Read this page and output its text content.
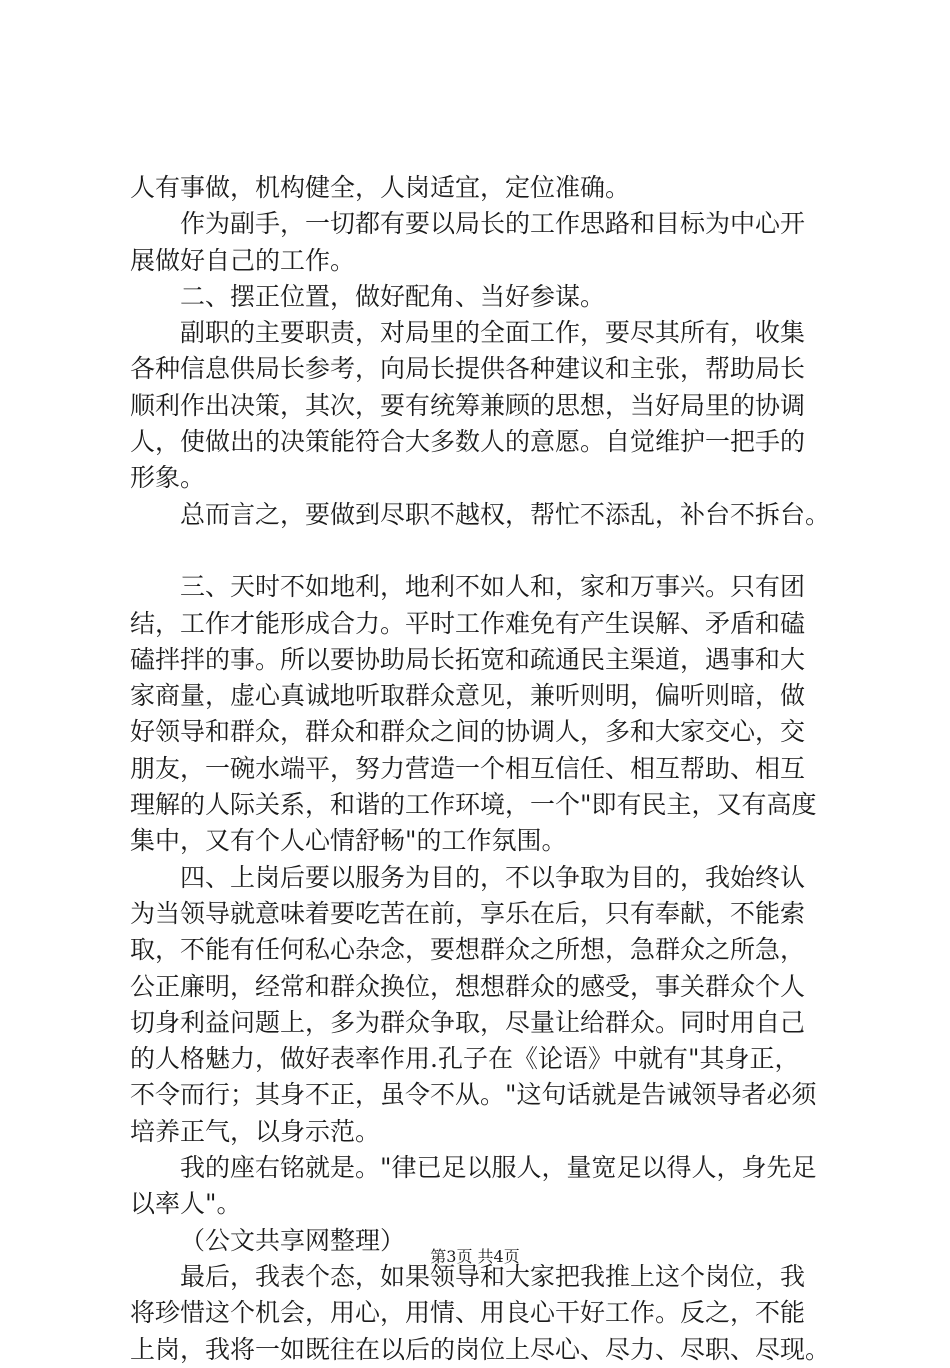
人有事做，机构健全，人岗适宜，定位准确。
作为副手，一切都有要以局长的工作思路和目标为中心开
展做好自己的工作。
二、摆正位置，做好配角、当好参谋。
副职的主要职责，对局里的全面工作，要尽其所有，收集
各种信息供局长参考，向局长提供各种建议和主张，帮助局长
顺利作出决策，其次，要有统筹兼顾的思想，当好局里的协调
人，使做出的决策能符合大多数人的意愿。自觉维护一把手的
形象。
总而言之，要做到尽职不越权，帮忙不添乱，补台不拆台。
三、天时不如地利，地利不如人和，家和万事兴。只有团
结，工作才能形成合力。平时工作难免有产生误解、矛盾和磕
磕拌拌的事。所以要协助局长拓宽和疏通民主渠道，遇事和大
家商量，虚心真诚地听取群众意见，兼听则明，偏听则暗，做
好领导和群众，群众和群众之间的协调人，多和大家交心，交
朋友，一碗水端平，努力营造一个相互信任、相互帮助、相互
理解的人际关系，和谐的工作环境，一个"即有民主，又有高度
集中，又有个人心情舒畅"的工作氛围。
四、上岗后要以服务为目的，不以争取为目的，我始终认
为当领导就意味着要吃苦在前，享乐在后，只有奉献，不能索
取，不能有任何私心杂念，要想群众之所想，急群众之所急，
公正廉明，经常和群众换位，想想群众的感受，事关群众个人
切身利益问题上，多为群众争取，尽量让给群众。同时用自己
的人格魅力，做好表率作用.孔子在《论语》中就有"其身正，
不令而行；其身不正，虽令不从。"这句话就是告诫领导者必须
培养正气，以身示范。
我的座右铭就是。"律已足以服人，量宽足以得人，身先足
以率人"。
（公文共享网整理）
最后，我表个态，如果领导和大家把我推上这个岗位，我
将珍惜这个机会，用心，用情、用良心干好工作。反之，不能
上岗，我将一如既往在以后的岗位上尽心、尽力、尽职、尽现。
第3页 共4页
